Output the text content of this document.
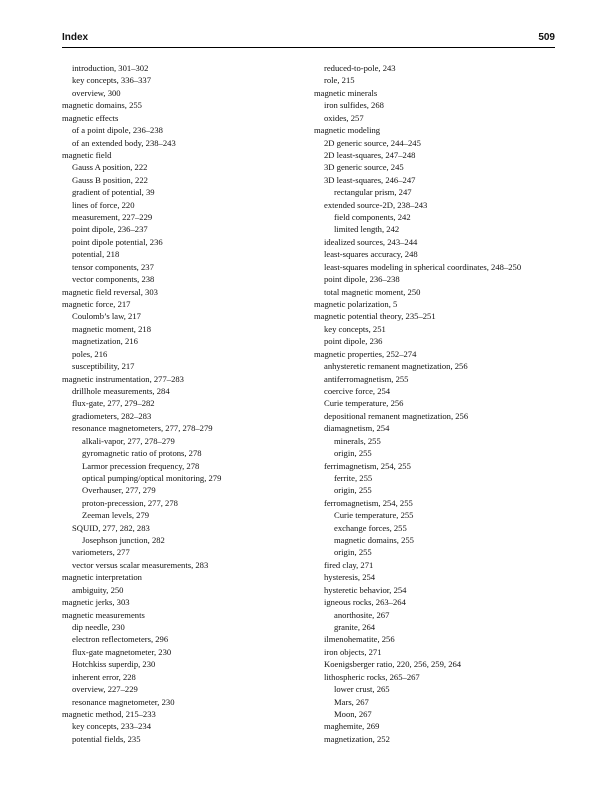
Index	509
introduction, 301–302
key concepts, 336–337
overview, 300
magnetic domains, 255
magnetic effects
of a point dipole, 236–238
of an extended body, 238–243
magnetic field
Gauss A position, 222
Gauss B position, 222
gradient of potential, 39
lines of force, 220
measurement, 227–229
point dipole, 236–237
point dipole potential, 236
potential, 218
tensor components, 237
vector components, 238
magnetic field reversal, 303
magnetic force, 217
Coulomb’s law, 217
magnetic moment, 218
magnetization, 216
poles, 216
susceptibility, 217
magnetic instrumentation, 277–283
drillhole measurements, 284
flux-gate, 277, 279–282
gradiometers, 282–283
resonance magnetometers, 277, 278–279
alkali-vapor, 277, 278–279
gyromagnetic ratio of protons, 278
Larmor precession frequency, 278
optical pumping/optical monitoring, 279
Overhauser, 277, 279
proton-precession, 277, 278
Zeeman levels, 279
SQUID, 277, 282, 283
Josephson junction, 282
variometers, 277
vector versus scalar measurements, 283
magnetic interpretation
ambiguity, 250
magnetic jerks, 303
magnetic measurements
dip needle, 230
electron reflectometers, 296
flux-gate magnetometer, 230
Hotchkiss superdip, 230
inherent error, 228
overview, 227–229
resonance magnetometer, 230
magnetic method, 215–233
key concepts, 233–234
potential fields, 235
reduced-to-pole, 243
role, 215
magnetic minerals
iron sulfides, 268
oxides, 257
magnetic modeling
2D generic source, 244–245
2D least-squares, 247–248
3D generic source, 245
3D least-squares, 246–247
rectangular prism, 247
extended source-2D, 238–243
field components, 242
limited length, 242
idealized sources, 243–244
least-squares accuracy, 248
least-squares modeling in spherical coordinates, 248–250
point dipole, 236–238
total magnetic moment, 250
magnetic polarization, 5
magnetic potential theory, 235–251
key concepts, 251
point dipole, 236
magnetic properties, 252–274
anhysteretic remanent magnetization, 256
antiferromagnetism, 255
coercive force, 254
Curie temperature, 256
depositional remanent magnetization, 256
diamagnetism, 254
minerals, 255
origin, 255
ferrimagnetism, 254, 255
ferrite, 255
origin, 255
ferromagnetism, 254, 255
Curie temperature, 255
exchange forces, 255
magnetic domains, 255
origin, 255
fired clay, 271
hysteresis, 254
hysteretic behavior, 254
igneous rocks, 263–264
anorthosite, 267
granite, 264
ilmenohematite, 256
iron objects, 271
Koenigsberger ratio, 220, 256, 259, 264
lithospheric rocks, 265–267
lower crust, 265
Mars, 267
Moon, 267
maghemite, 269
magnetization, 252
